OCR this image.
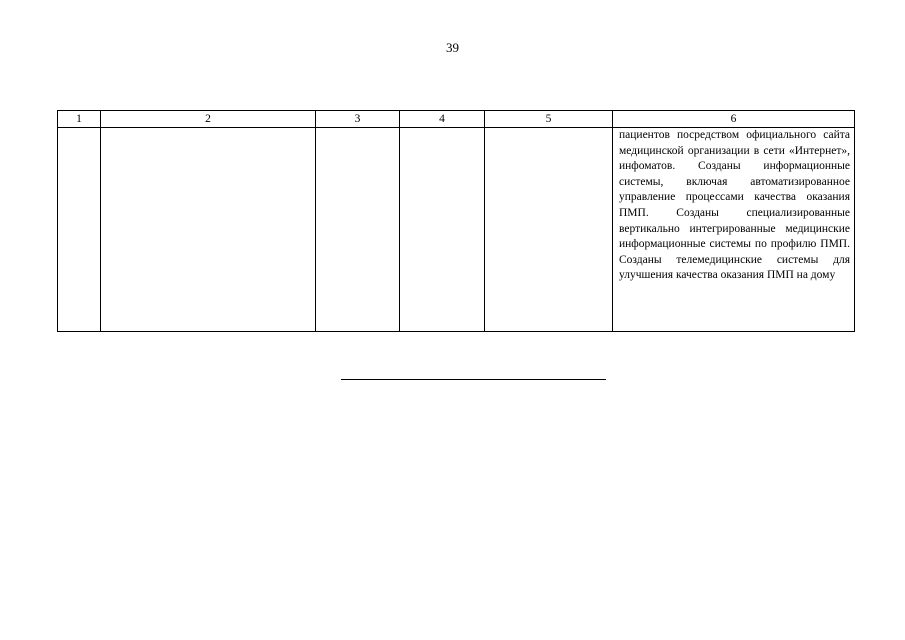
39
1	2	3	4	5	6

					пациентов посредством официального сайта медицинской организации в сети «Интернет», инфоматов. Созданы информационные системы, включая автоматизированное управление процессами качества оказания ПМП. Созданы специализированные вертикально интегрированные медицинские информационные системы по профилю ПМП. Созданы телемедицинские системы для улучшения качества оказания ПМП на дому
